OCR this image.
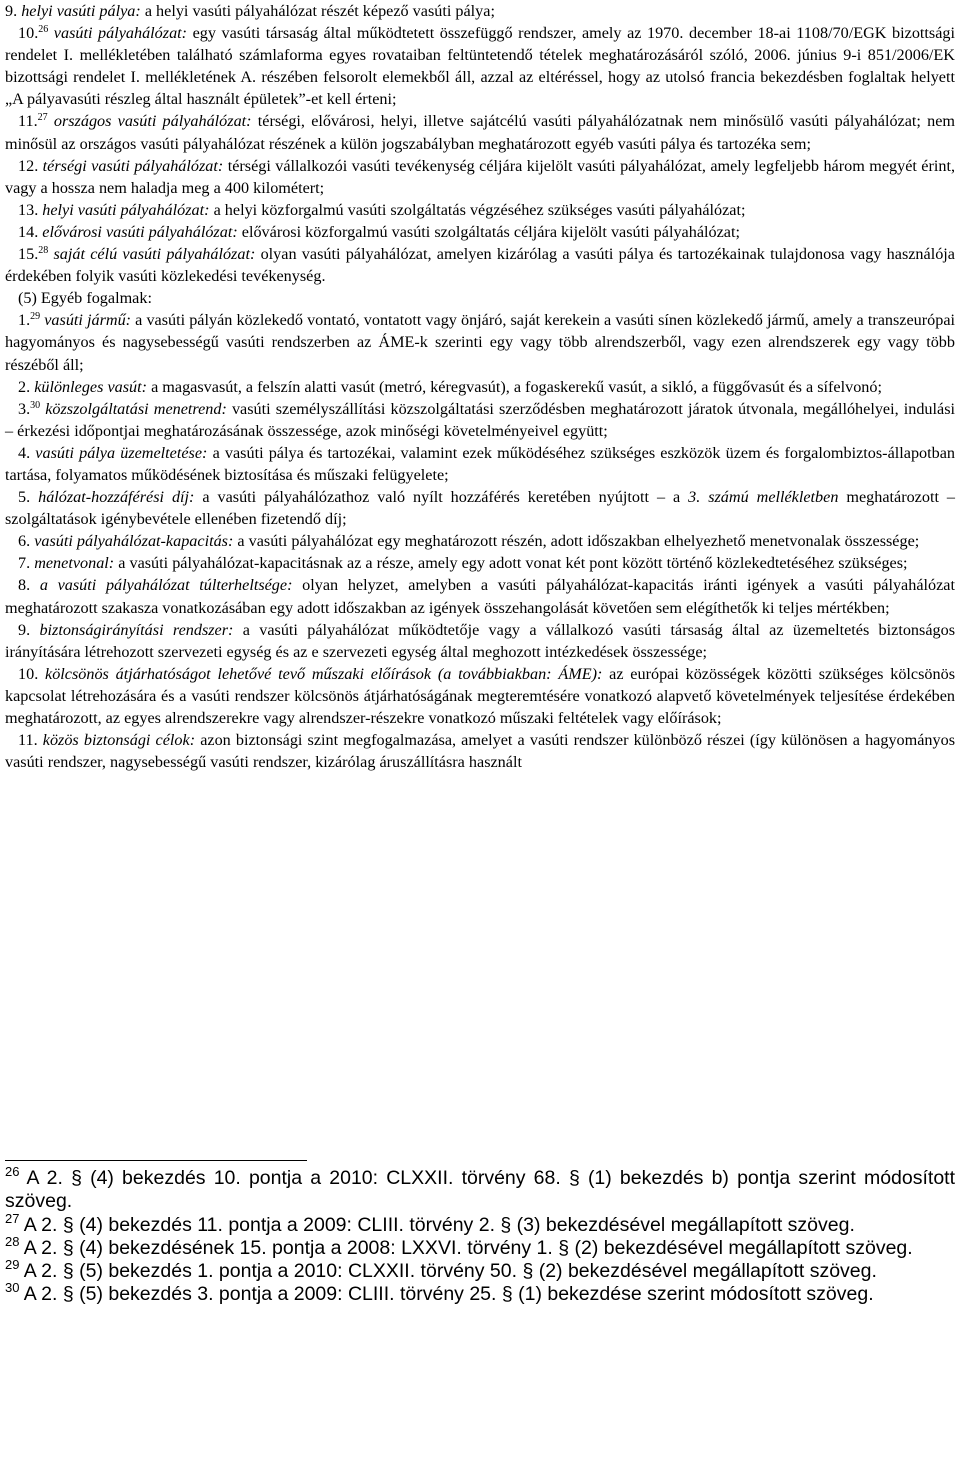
9. helyi vasúti pálya: a helyi vasúti pályahálózat részét képező vasúti pálya;

10.26 vasúti pályahálózat: egy vasúti társaság által működtetett összefüggő rendszer, amely az 1970. december 18-ai 1108/70/EGK bizottsági rendelet I. mellékletében található számlaforma egyes rovataiban feltüntetendő tételek meghatározásáról szóló, 2006. június 9-i 851/2006/EK bizottsági rendelet I. mellékletének A. részében felsorolt elemekből áll, azzal az eltéréssel, hogy az utolsó francia bekezdésben foglaltak helyett „A pályavasúti részleg által használt épületek”-et kell érteni;

11.27 országos vasúti pályahálózat: térségi, elővárosi, helyi, illetve sajátcélú vasúti pályahálózatnak nem minősülő vasúti pályahálózat; nem minősül az országos vasúti pályahálózat részének a külön jogszabályban meghatározott egyéb vasúti pálya és tartozéka sem;

12. térségi vasúti pályahálózat: térségi vállalkozói vasúti tevékenység céljára kijelölt vasúti pályahálózat, amely legfeljebb három megyét érint, vagy a hossza nem haladja meg a 400 kilométert;

13. helyi vasúti pályahálózat: a helyi közforgalmú vasúti szolgáltatás végzéséhez szükséges vasúti pályahálózat;

14. elővárosi vasúti pályahálózat: elővárosi közforgalmú vasúti szolgáltatás céljára kijelölt vasúti pályahálózat;

15.28 saját célú vasúti pályahálózat: olyan vasúti pályahálózat, amelyen kizárólag a vasúti pálya és tartozékainak tulajdonosa vagy használója érdekében folyik vasúti közlekedési tevékenység.

(5) Egyéb fogalmak:

1.29 vasúti jármű: a vasúti pályán közlekedő vontató, vontatott vagy önjáró, saját kerekein a vasúti sínen közlekedő jármű, amely a transzeurópai hagyományos és nagysebességű vasúti rendszerben az ÁME-k szerinti egy vagy több alrendszerből, vagy ezen alrendszerek egy vagy több részéből áll;

2. különleges vasút: a magasvasút, a felszín alatti vasút (metró, kéregvasút), a fogaskerekű vasút, a sikló, a függővasút és a sífelvonó;

3.30 közszolgáltatási menetrend: vasúti személyszállítási közszolgáltatási szerződésben meghatározott járatok útvonala, megállóhelyei, indulási – érkezési időpontjai meghatározásának összessége, azok minőségi követelményeivel együtt;

4. vasúti pálya üzemeltetése: a vasúti pálya és tartozékai, valamint ezek működéséhez szükséges eszközök üzem és forgalombiztos-állapotban tartása, folyamatos működésének biztosítása és műszaki felügyelete;

5. hálózat-hozzáférési díj: a vasúti pályahálózathoz való nyílt hozzáférés keretében nyújtott – a 3. számú mellékletben meghatározott – szolgáltatások igénybevétele ellenében fizetendő díj;

6. vasúti pályahálózat-kapacitás: a vasúti pályahálózat egy meghatározott részén, adott időszakban elhelyezhető menetvonalak összessége;

7. menetvonal: a vasúti pályahálózat-kapacitásnak az a része, amely egy adott vonat két pont között történő közlekedtetéséhez szükséges;

8. a vasúti pályahálózat túlterheltsége: olyan helyzet, amelyben a vasúti pályahálózat-kapacitás iránti igények a vasúti pályahálózat meghatározott szakasza vonatkozásában egy adott időszakban az igények összehangolását követően sem elégíthetők ki teljes mértékben;

9. biztonságirányítási rendszer: a vasúti pályahálózat működtetője vagy a vállalkozó vasúti társaság által az üzemeltetés biztonságos irányítására létrehozott szervezeti egység és az e szervezeti egység által meghozott intézkedések összessége;

10. kölcsönös átjárhatóságot lehetővé tevő műszaki előírások (a továbbiakban: ÁME): az európai közösségek közötti szükséges kölcsönös kapcsolat létrehozására és a vasúti rendszer kölcsönös átjárhatóságának megteremtésére vonatkozó alapvető követelmények teljesítése érdekében meghatározott, az egyes alrendszerekre vagy alrendszer-részekre vonatkozó műszaki feltételek vagy előírások;

11. közös biztonsági célok: azon biztonsági szint megfogalmazása, amelyet a vasúti rendszer különböző részei (így különösen a hagyományos vasúti rendszer, nagysebességű vasúti rendszer, kizárólag áruszállításra használt

$^{26}$ A 2. § (4) bekezdés 10. pontja a 2010: CLXXII. törvény 68. § (1) bekezdés b) pontja szerint módosított szöveg.

$^{27}$ A 2. § (4) bekezdés 11. pontja a 2009: CLIII. törvény 2. § (3) bekezdésével megállapított szöveg.

$^{28}$ A 2. § (4) bekezdésének 15. pontja a 2008: LXXVI. törvény 1. § (2) bekezdésével megállapított szöveg.

$^{29}$ A 2. § (5) bekezdés 1. pontja a 2010: CLXXII. törvény 50. § (2) bekezdésével megállapított szöveg.

$^{30}$ A 2. § (5) bekezdés 3. pontja a 2009: CLIII. törvény 25. § (1) bekezdése szerint módosított szöveg.
